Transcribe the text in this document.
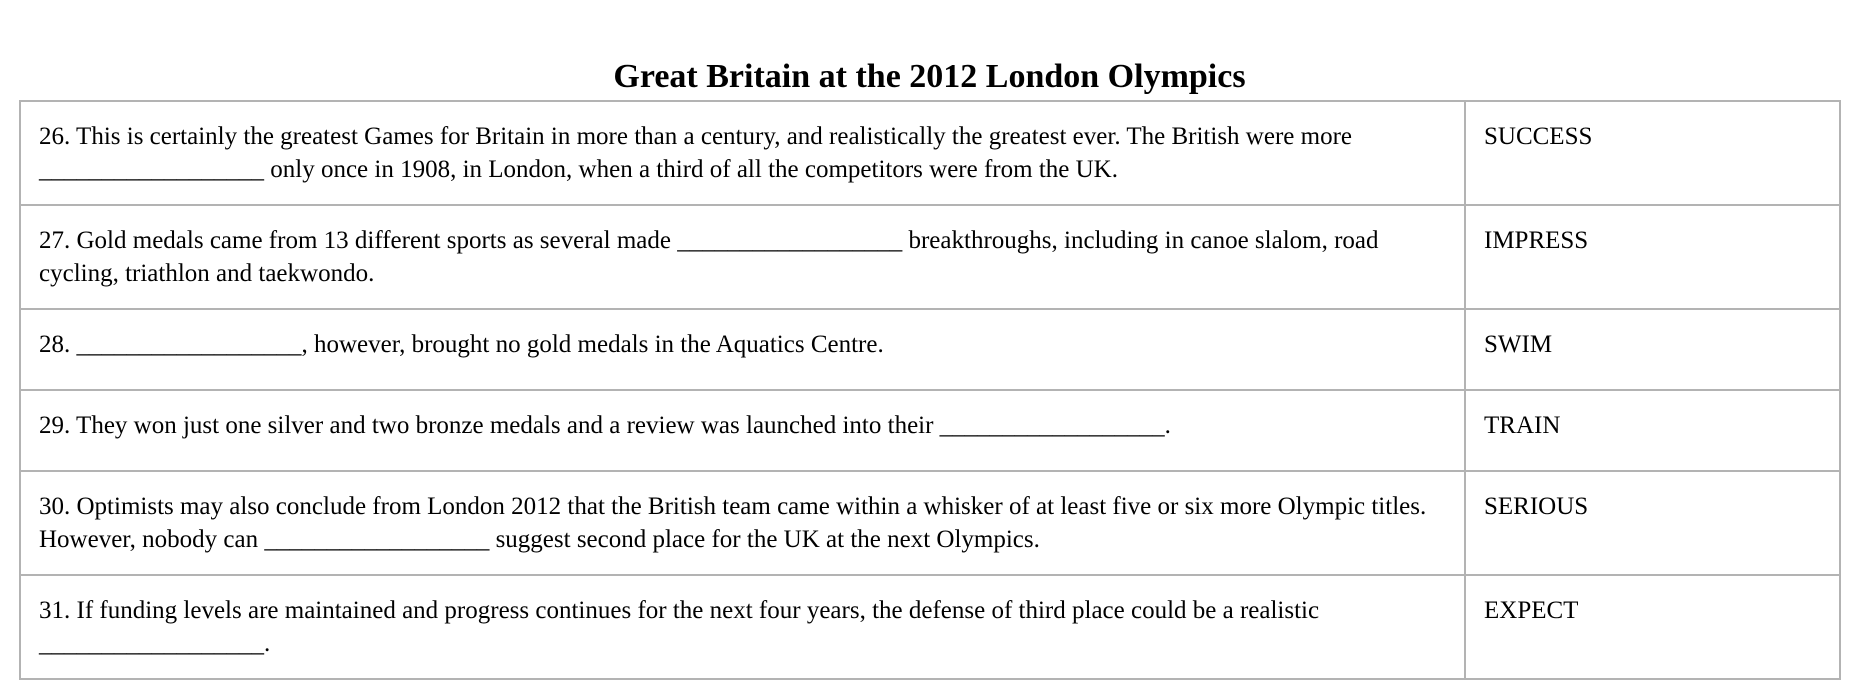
Great Britain at the 2012 London Olympics
26. This is certainly the greatest Games for Britain in more than a century, and realistically the greatest ever. The British were more __________________ only once in 1908, in London, when a third of all the competitors were from the UK.	SUCCESS
27. Gold medals came from 13 different sports as several made __________________ breakthroughs, including in canoe slalom, road cycling, triathlon and taekwondo.	IMPRESS
28. __________________, however, brought no gold medals in the Aquatics Centre.	SWIM
29. They won just one silver and two bronze medals and a review was launched into their __________________.	TRAIN
30. Optimists may also conclude from London 2012 that the British team came within a whisker of at least five or six more Olympic titles. However, nobody can __________________ suggest second place for the UK at the next Olympics.	SERIOUS
31. If funding levels are maintained and progress continues for the next four years, the defense of third place could be a realistic __________________.	EXPECT
